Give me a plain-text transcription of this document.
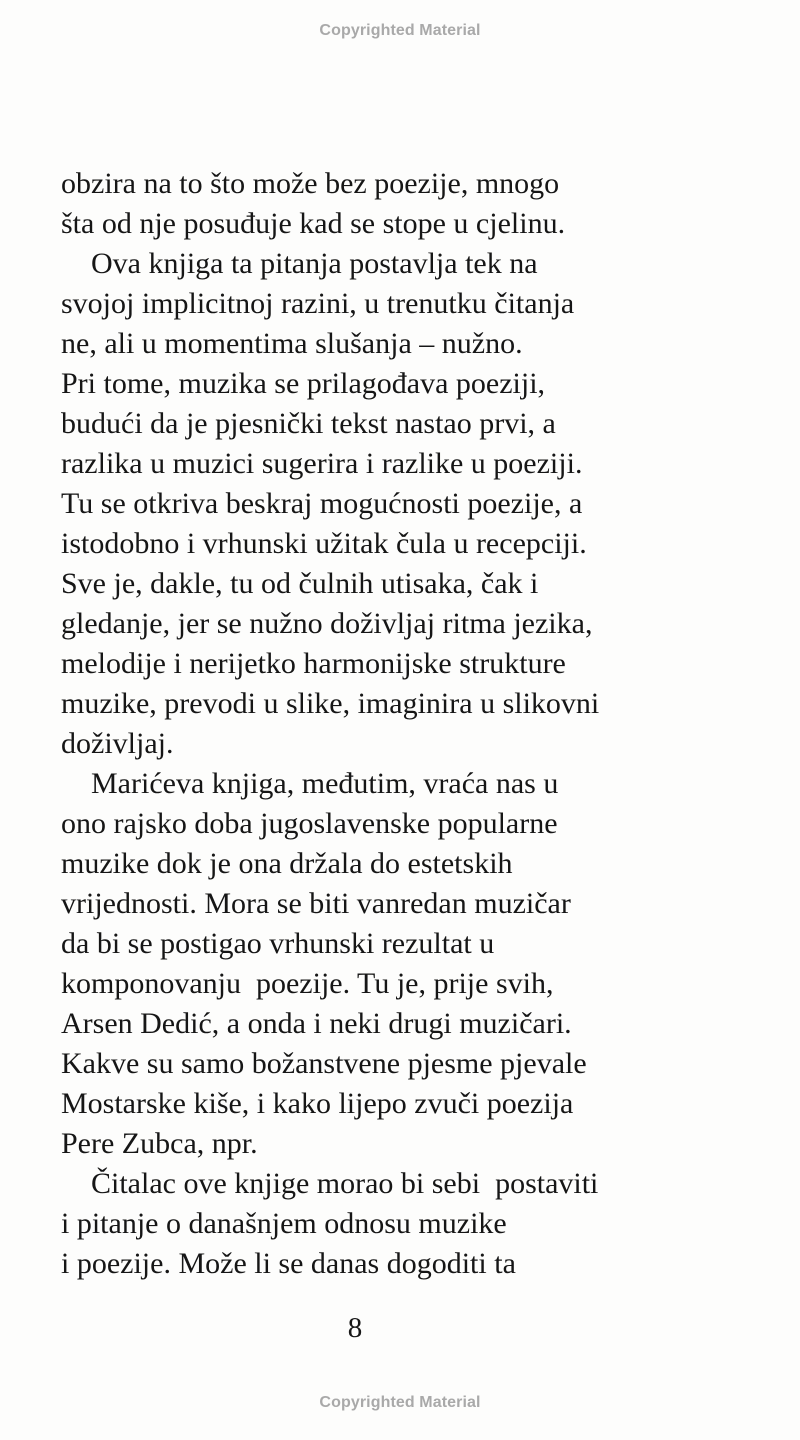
Copyrighted Material
obzira na to što može bez poezije, mnogo
šta od nje posuđuje kad se stope u cjelinu.
Ova knjiga ta pitanja postavlja tek na
svojoj implicitnoj razini, u trenutku čitanja
ne, ali u momentima slušanja – nužno.
Pri tome, muzika se prilagođava poeziji,
budući da je pjesnički tekst nastao prvi, a
razlika u muzici sugerira i razlike u poeziji.
Tu se otkriva beskraj mogućnosti poezije, a
istodobno i vrhunski užitak čula u recepciji.
Sve je, dakle, tu od čulnih utisaka, čak i
gledanje, jer se nužno doživljaj ritma jezika,
melodije i nerijetko harmonijske strukture
muzike, prevodi u slike, imaginira u slikovni
doživljaj.
Marićeva knjiga, međutim, vraća nas u
ono rajsko doba jugoslavenske popularne
muzike dok je ona držala do estetskih
vrijednosti. Mora se biti vanredan muzičar
da bi se postigao vrhunski rezultat u
komponovanju  poezije. Tu je, prije svih,
Arsen Dedić, a onda i neki drugi muzičari.
Kakve su samo božanstvene pjesme pjevale
Mostarske kiše, i kako lijepo zvuči poezija
Pere Zubca, npr.
Čitalac ove knjige morao bi sebi  postaviti
i pitanje o današnjem odnosu muzike
i poezije. Može li se danas dogoditi ta
8
Copyrighted Material
